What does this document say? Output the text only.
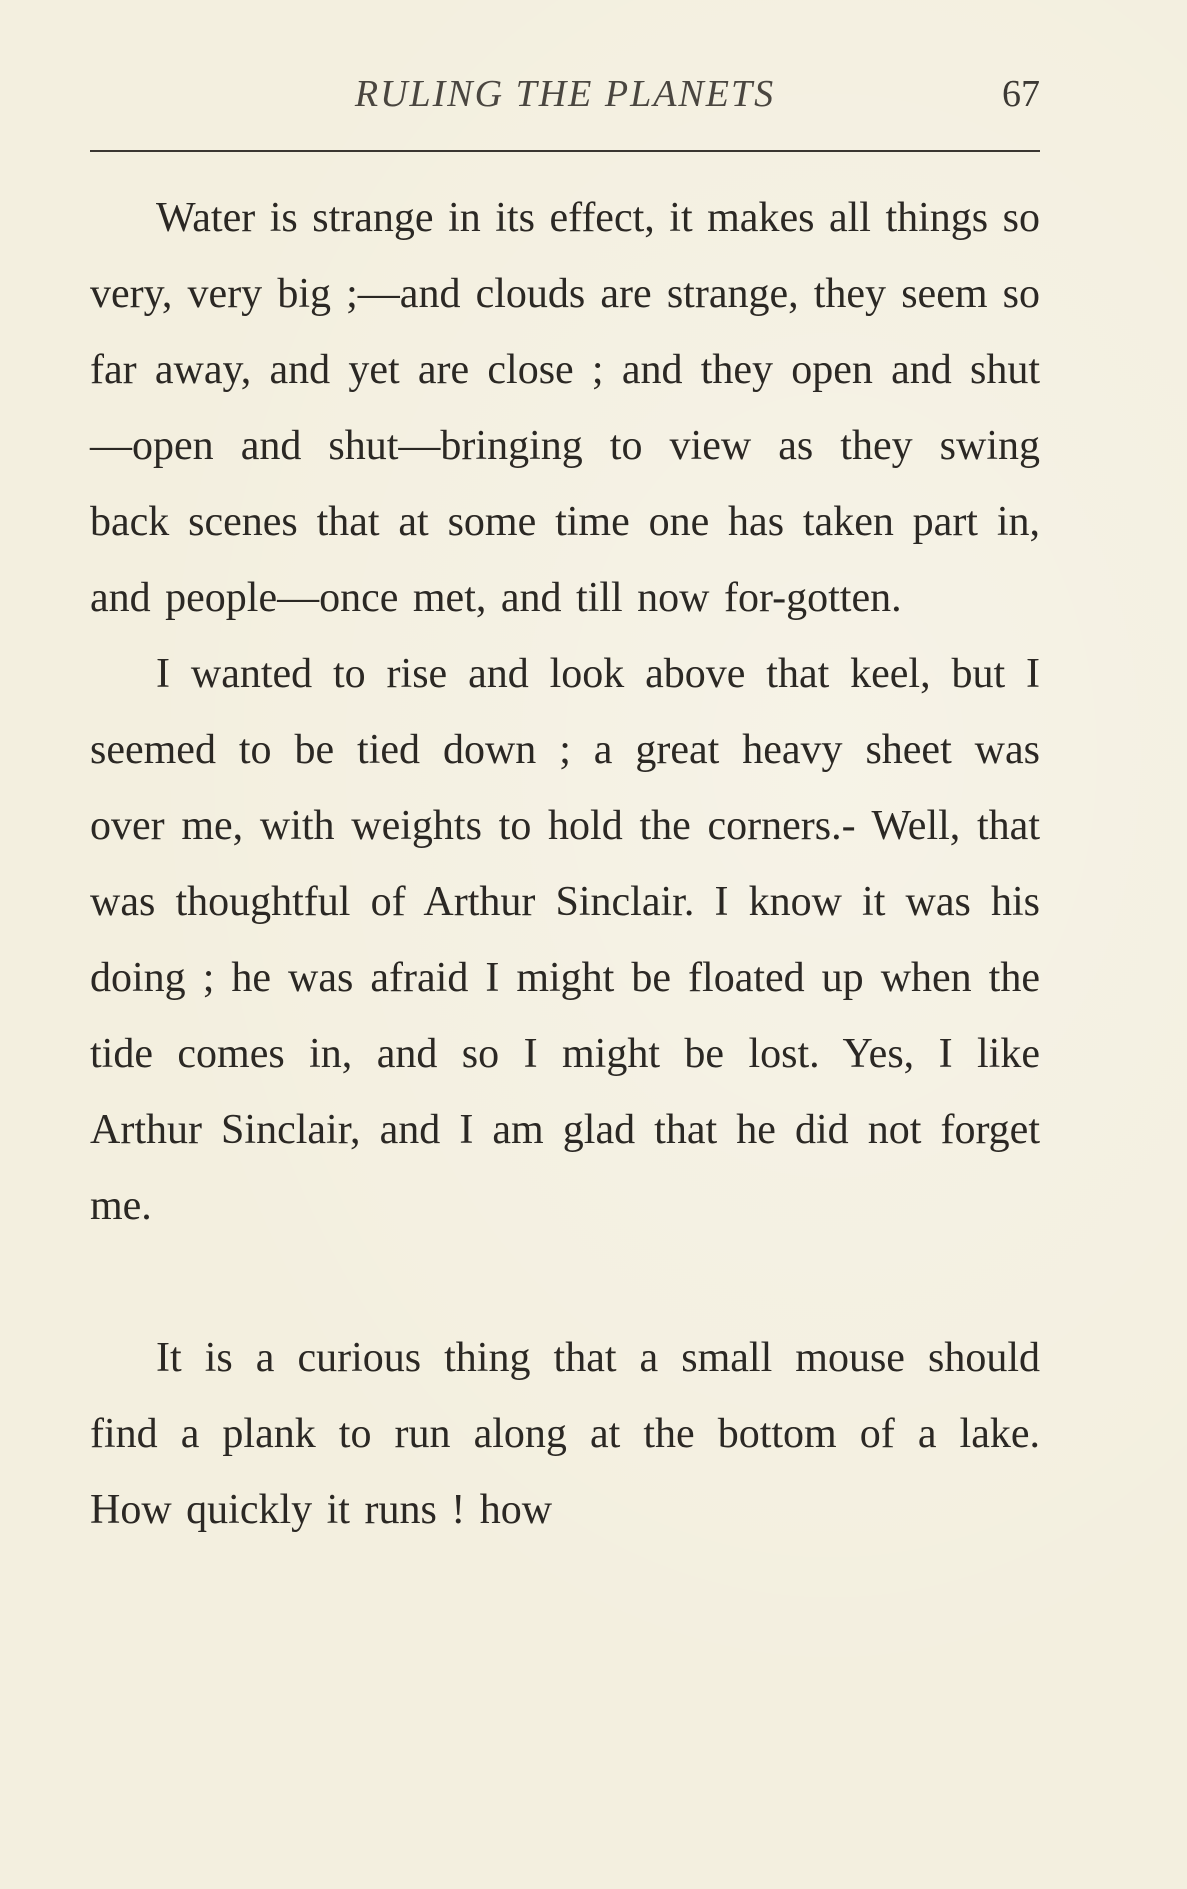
RULING THE PLANETS	67

Water is strange in its effect, it makes all things so very, very big ;—and clouds are strange, they seem so far away, and yet are close ; and they open and shut—open and shut—bringing to view as they swing back scenes that at some time one has taken part in, and people—once met, and till now for-gotten.

I wanted to rise and look above that keel, but I seemed to be tied down ; a great heavy sheet was over me, with weights to hold the corners.- Well, that was thoughtful of Arthur Sinclair. I know it was his doing ; he was afraid I might be floated up when the tide comes in, and so I might be lost. Yes, I like Arthur Sinclair, and I am glad that he did not forget me.

It is a curious thing that a small mouse should find a plank to run along at the bottom of a lake. How quickly it runs ! how
